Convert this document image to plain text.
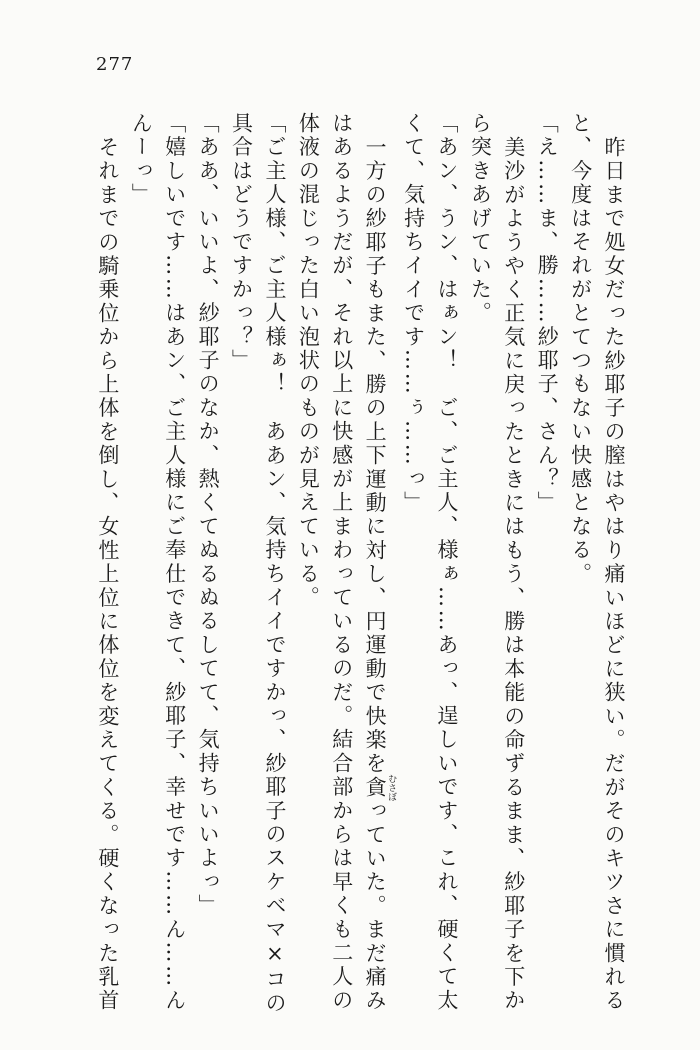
277
昨日まで処女だった紗耶子の膣はやはり痛いほどに狭い。だがそのキツさに慣れる
と、今度はそれがとてつもない快感となる。
「え……ま、勝……紗耶子、さん？」
美沙がようやく正気に戻ったときにはもう、勝は本能の命ずるまま、紗耶子を下か
ら突きあげていた。
「あン、うン、はぁン！　ご、ご主人、様ぁ……あっ、逞しいです、これ、硬くて太
くて、気持ちイイです……ぅ……っ」
一方の紗耶子もまた、勝の上下運動に対し、円運動で快楽を貪 むさぼっていた。まだ痛み
はあるようだが、それ以上に快感が上まわっているのだ。結合部からは早くも二人の
体液の混じった白い泡状のものが見えている。
「ご主人様、ご主人様ぁ！　ああン、気持ちイイですかっ、紗耶子のスケベマ×コの
具合はどうですかっ？」
「ああ、いいよ、紗耶子のなか、熱くてぬるぬるしてて、気持ちいいよっ」
「嬉しいです……はあン、ご主人様にご奉仕できて、紗耶子、幸せです……ん……ん
んーっ」
それまでの騎乗位から上体を倒し、女性上位に体位を変えてくる。硬くなった乳首
